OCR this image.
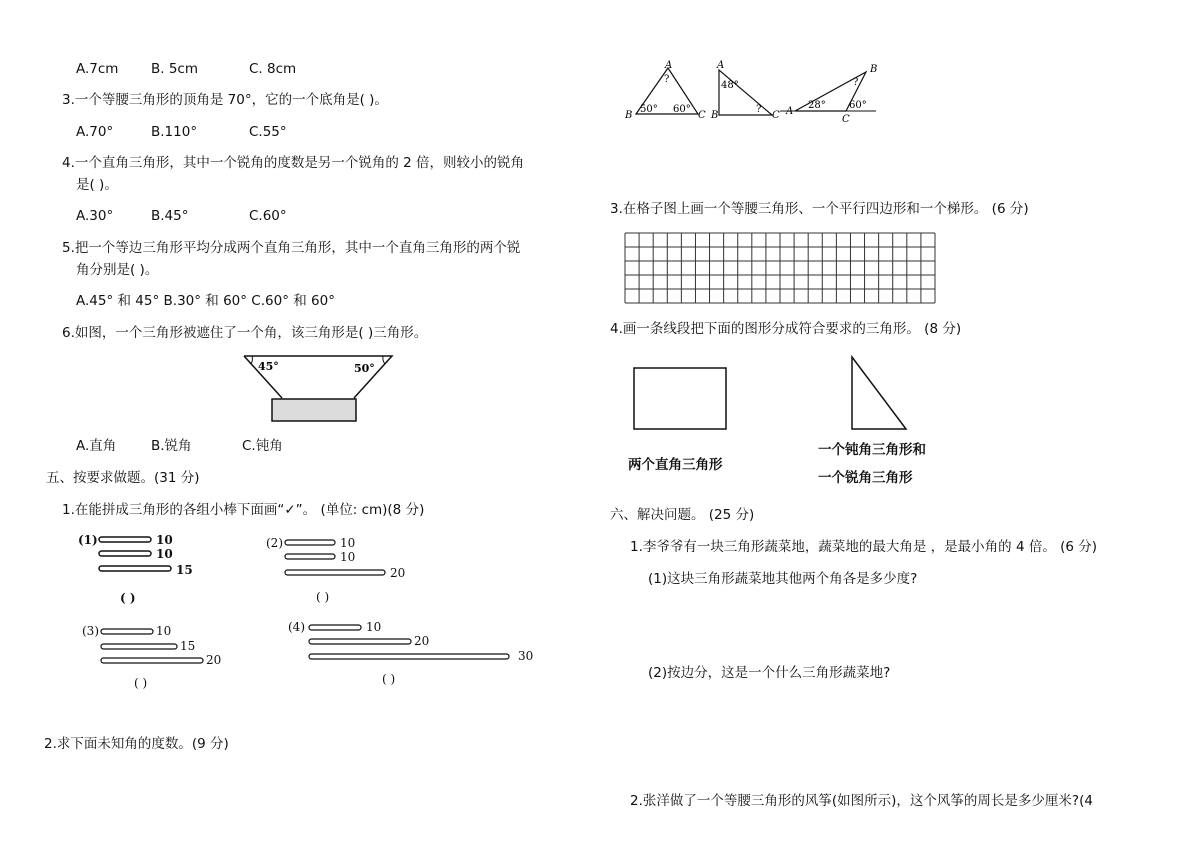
A.7cm B. 5cm	C. 8cm
3.一个等腰三角形的顶角是 70°，它的一个底角是( )。
A.70°	B.110°	C.55°
4.一个直角三角形，其中一个锐角的度数是另一个锐角的 2 倍，则较小的锐角
是( )。
A.30°	B.45°	C.60°
5.把一个等边三角形平均分成两个直角三角形，其中一个直角三角形的两个锐
角分别是( )。
A.45° 和 45° B.30° 和 60° C.60° 和 60°
6.如图，一个三角形被遮住了一个角，该三角形是( )三角形。
45°	50°
A.直角	B.锐角	C.钝角
五、按要求做题。(31 分)
1.在能拼成三角形的各组小棒下面画“✓”。 (单位: cm)(8 分)
(1)	10
10
15
( )
(2)	10
10
20
( )
(3)	10
15
20
( )
(4)	10
20
30
( )
2.求下面未知角的度数。(9 分)
A
B	C
?
50° 60°
A
B	C
48°
? A
B
C
?
28° 60°
3.在格子图上画一个等腰三角形、一个平行四边形和一个梯形。 (6 分)
4.画一条线段把下面的图形分成符合要求的三角形。 (8 分)
两个直角三角形
一个钝角三角形和
一个锐角三角形
六、解决问题。 (25 分)
1.李爷爷有一块三角形蔬菜地，蔬菜地的最大角是 ，是最小角的 4 倍。 (6 分)
(1)这块三角形蔬菜地其他两个角各是多少度?
(2)按边分，这是一个什么三角形蔬菜地?
2.张洋做了一个等腰三角形的风筝(如图所示)，这个风筝的周长是多少厘米?(4
